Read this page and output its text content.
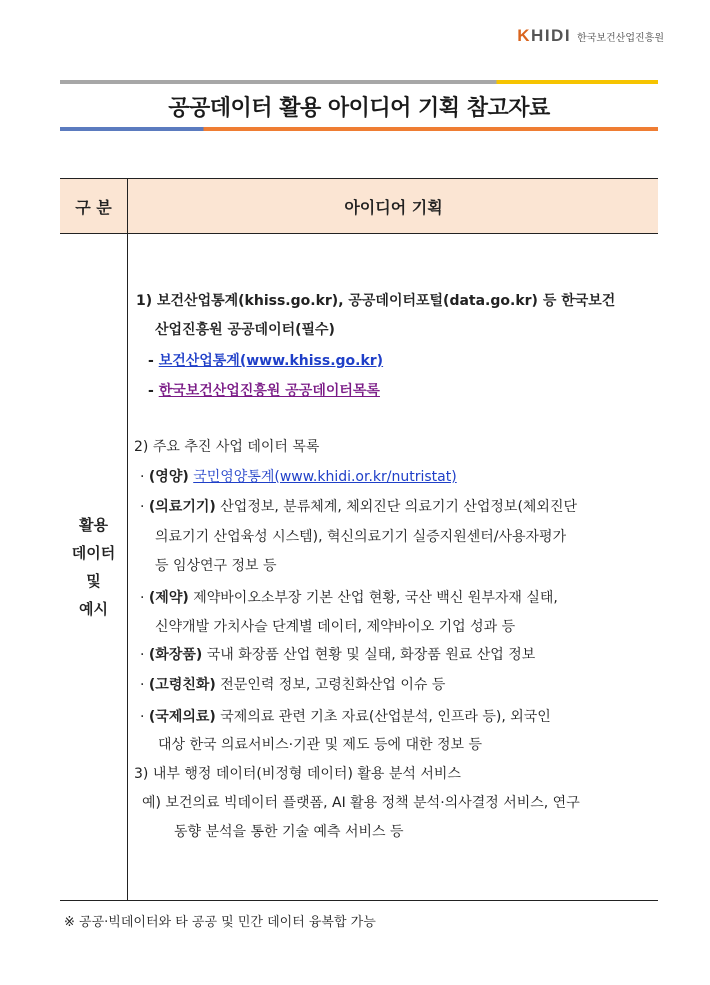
KHIDI 한국보건산업진흥원
공공데이터 활용 아이디어 기획 참고자료
구 분	아이디어 기획
활용
데이터
및
예시
1) 보건산업통계(khiss.go.kr), 공공데이터포털(data.go.kr) 등 한국보건
산업진흥원 공공데이터(필수)
- 보건산업통계(www.khiss.go.kr)
- 한국보건산업진흥원 공공데이터목록
2) 주요 추진 사업 데이터 목록
· (영양) 국민영양통계(www.khidi.or.kr/nutristat)
· (의료기기) 산업정보, 분류체계, 체외진단 의료기기 산업정보(체외진단
의료기기 산업육성 시스템), 혁신의료기기 실증지원센터/사용자평가
등 임상연구 정보 등
· (제약) 제약바이오소부장 기본 산업 현황, 국산 백신 원부자재 실태,
신약개발 가치사슬 단계별 데이터, 제약바이오 기업 성과 등
· (화장품) 국내 화장품 산업 현황 및 실태, 화장품 원료 산업 정보
· (고령친화) 전문인력 정보, 고령친화산업 이슈 등
· (국제의료) 국제의료 관련 기초 자료(산업분석, 인프라 등), 외국인
대상 한국 의료서비스·기관 및 제도 등에 대한 정보 등
3) 내부 행정 데이터(비정형 데이터) 활용 분석 서비스
예) 보건의료 빅데이터 플랫폼, AI 활용 정책 분석·의사결정 서비스, 연구
동향 분석을 통한 기술 예측 서비스 등
※ 공공·빅데이터와 타 공공 및 민간 데이터 융복합 가능
